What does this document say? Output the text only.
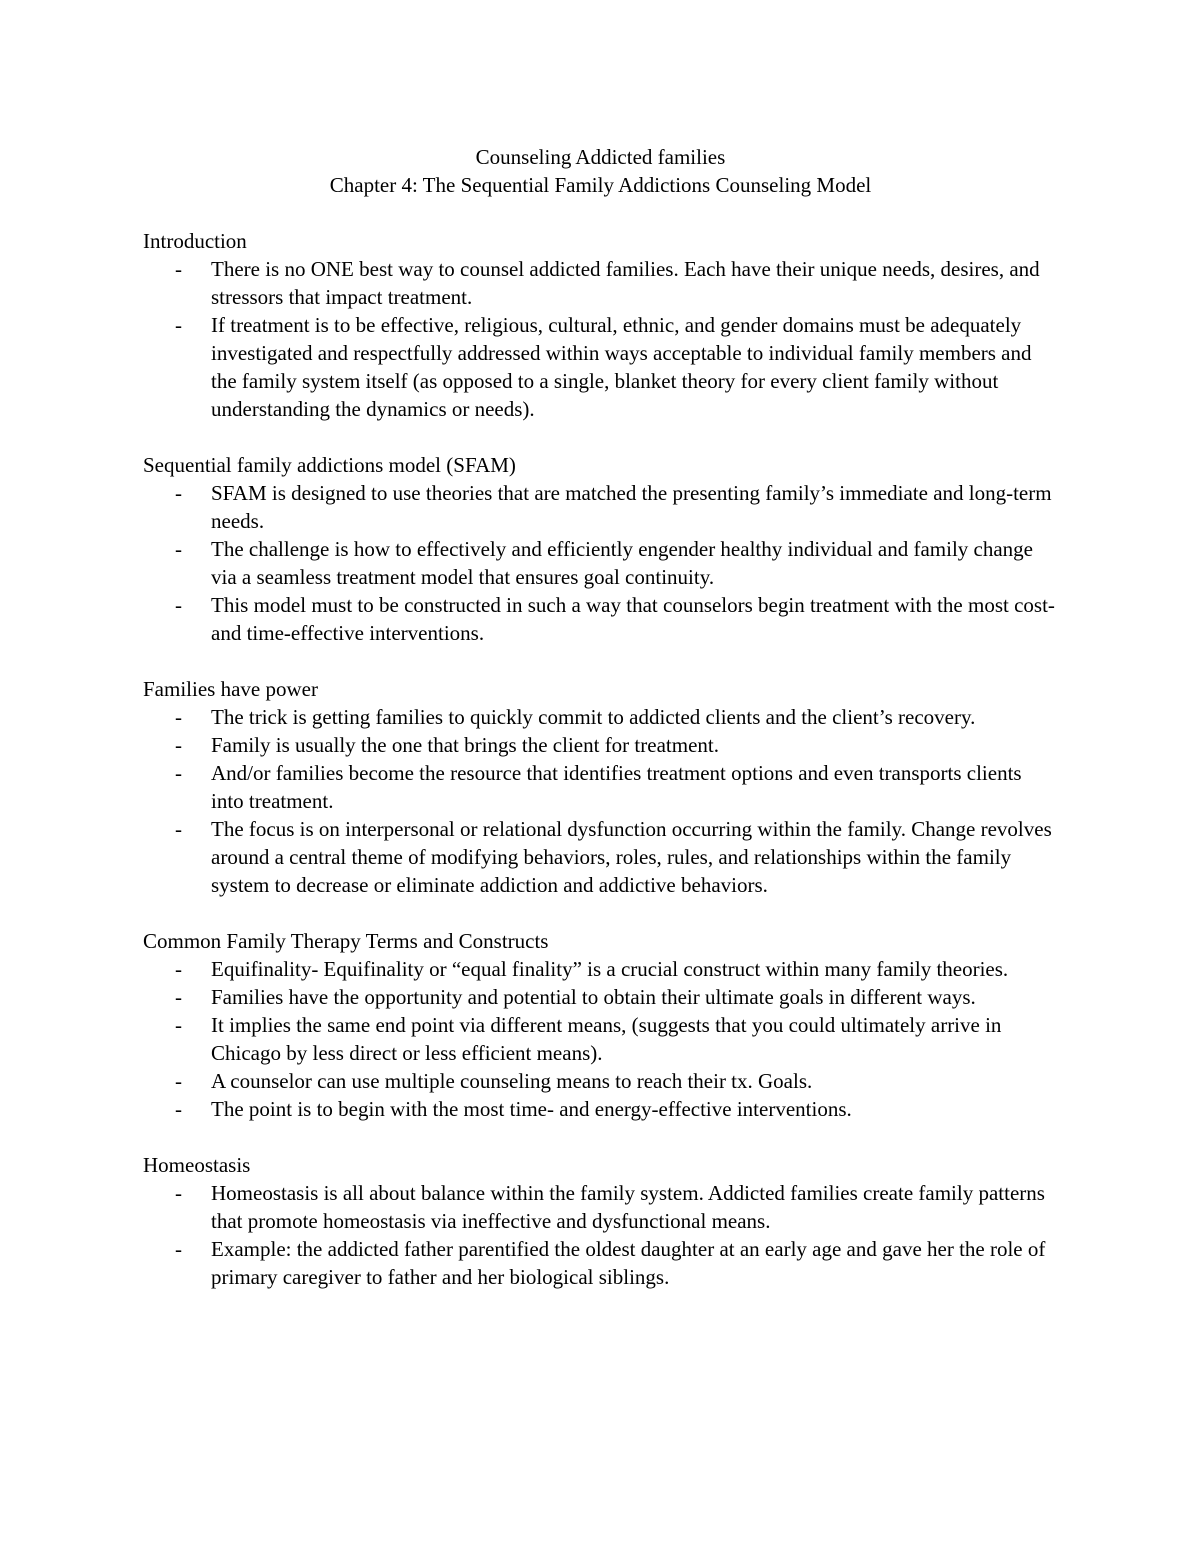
Counseling Addicted families
Chapter 4: The Sequential Family Addictions Counseling Model
Introduction
- There is no ONE best way to counsel addicted families. Each have their unique needs, desires, and stressors that impact treatment.
- If treatment is to be effective, religious, cultural, ethnic, and gender domains must be adequately investigated and respectfully addressed within ways acceptable to individual family members and the family system itself (as opposed to a single, blanket theory for every client family without understanding the dynamics or needs).
Sequential family addictions model (SFAM)
- SFAM is designed to use theories that are matched the presenting family’s immediate and long-term needs.
- The challenge is how to effectively and efficiently engender healthy individual and family change via a seamless treatment model that ensures goal continuity.
- This model must to be constructed in such a way that counselors begin treatment with the most cost-and time-effective interventions.
Families have power
- The trick is getting families to quickly commit to addicted clients and the client’s recovery.
- Family is usually the one that brings the client for treatment.
- And/or families become the resource that identifies treatment options and even transports clients into treatment.
- The focus is on interpersonal or relational dysfunction occurring within the family. Change revolves around a central theme of modifying behaviors, roles, rules, and relationships within the family system to decrease or eliminate addiction and addictive behaviors.
Common Family Therapy Terms and Constructs
- Equifinality- Equifinality or “equal finality” is a crucial construct within many family theories.
- Families have the opportunity and potential to obtain their ultimate goals in different ways.
- It implies the same end point via different means, (suggests that you could ultimately arrive in Chicago by less direct or less efficient means).
- A counselor can use multiple counseling means to reach their tx. Goals.
- The point is to begin with the most time- and energy-effective interventions.
Homeostasis
- Homeostasis is all about balance within the family system. Addicted families create family patterns that promote homeostasis via ineffective and dysfunctional means.
- Example: the addicted father parentified the oldest daughter at an early age and gave her the role of primary caregiver to father and her biological siblings.
